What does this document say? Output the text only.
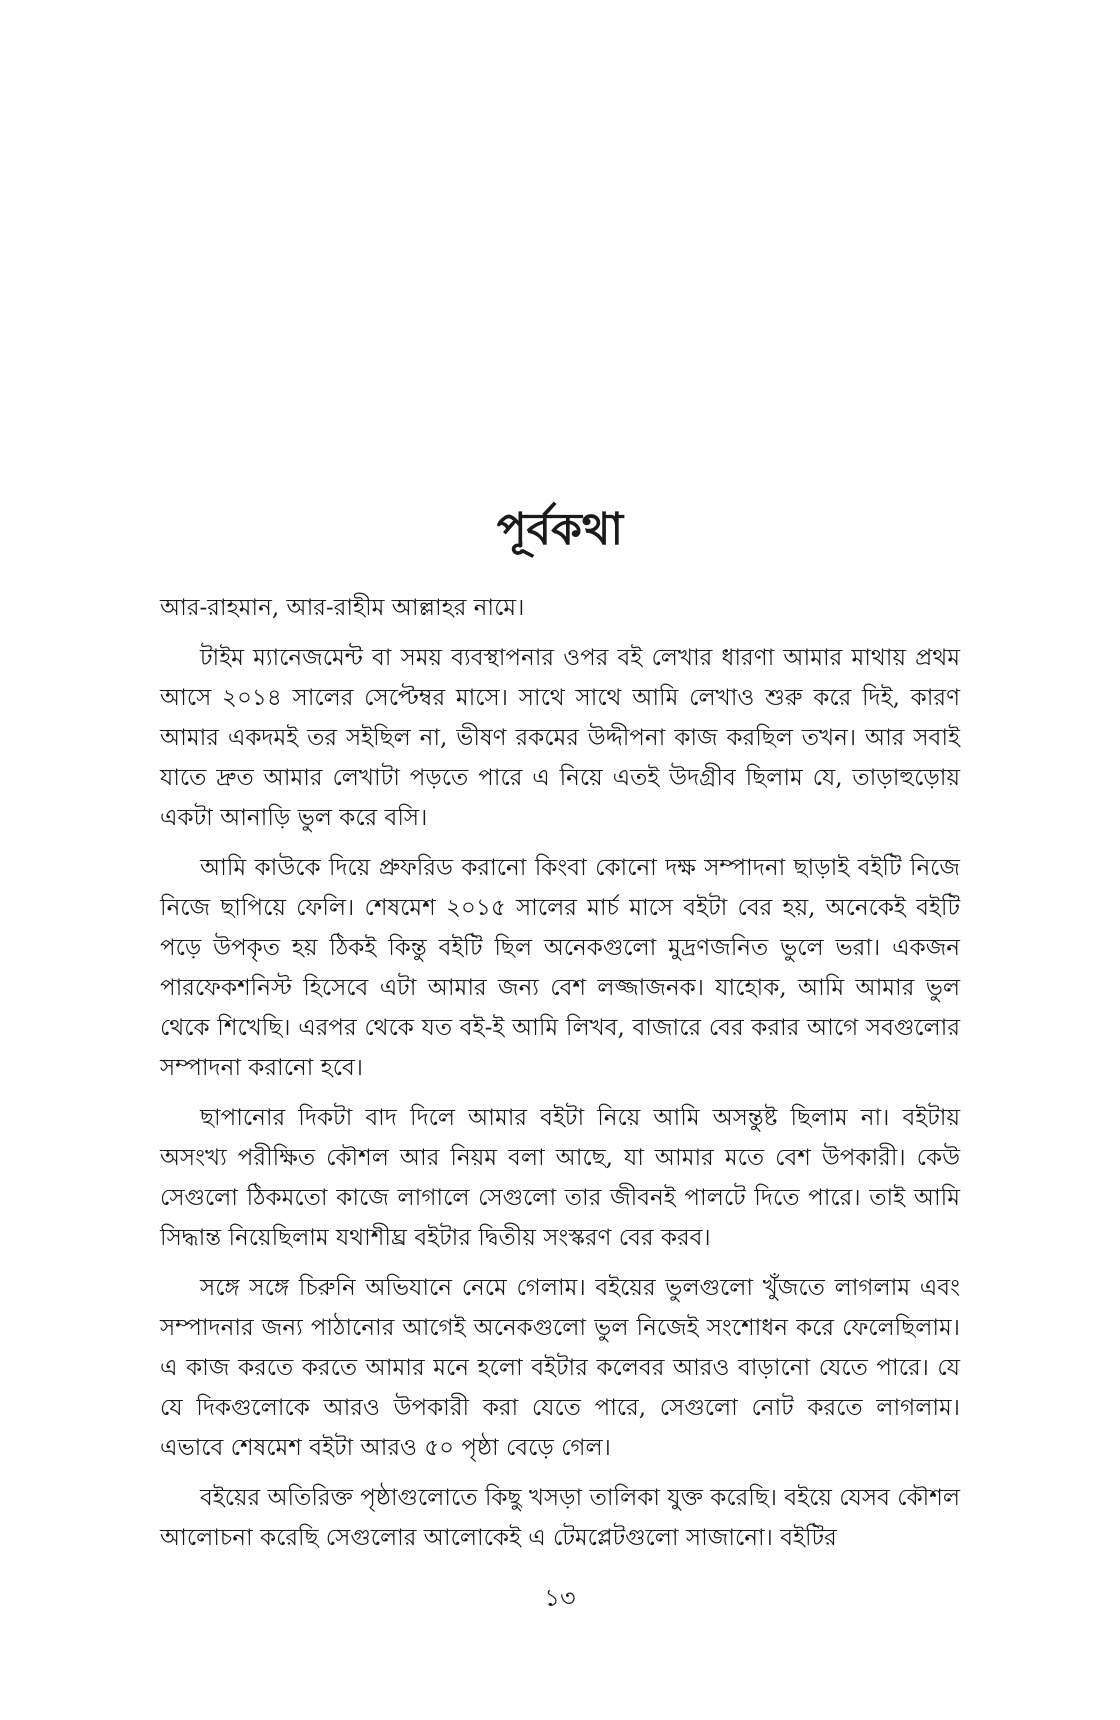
পূর্বকথা

আর-রাহমান, আর-রাহীম আল্লাহর নামে।

টাইম ম্যানেজমেন্ট বা সময় ব্যবস্থাপনার ওপর বই লেখার ধারণা আমার মাথায় প্রথম আসে ২০১৪ সালের সেপ্টেম্বর মাসে। সাথে সাথে আমি লেখাও শুরু করে দিই, কারণ আমার একদমই তর সইছিল না, ভীষণ রকমের উদ্দীপনা কাজ করছিল তখন। আর সবাই যাতে দ্রুত আমার লেখাটা পড়তে পারে এ নিয়ে এতই উদগ্রীব ছিলাম যে, তাড়াহুড়োয় একটা আনাড়ি ভুল করে বসি।

আমি কাউকে দিয়ে প্রুফরিড করানো কিংবা কোনো দক্ষ সম্পাদনা ছাড়াই বইটি নিজে নিজে ছাপিয়ে ফেলি। শেষমেশ ২০১৫ সালের মার্চ মাসে বইটা বের হয়, অনেকেই বইটি পড়ে উপকৃত হয় ঠিকই কিন্তু বইটি ছিল অনেকগুলো মুদ্রণজনিত ভুলে ভরা। একজন পারফেকশনিস্ট হিসেবে এটা আমার জন্য বেশ লজ্জাজনক। যাহোক, আমি আমার ভুল থেকে শিখেছি। এরপর থেকে যত বই-ই আমি লিখব, বাজারে বের করার আগে সবগুলোর সম্পাদনা করানো হবে।

ছাপানোর দিকটা বাদ দিলে আমার বইটা নিয়ে আমি অসন্তুষ্ট ছিলাম না। বইটায় অসংখ্য পরীক্ষিত কৌশল আর নিয়ম বলা আছে, যা আমার মতে বেশ উপকারী। কেউ সেগুলো ঠিকমতো কাজে লাগালে সেগুলো তার জীবনই পালটে দিতে পারে। তাই আমি সিদ্ধান্ত নিয়েছিলাম যথাশীঘ্র বইটার দ্বিতীয় সংস্করণ বের করব।

সঙ্গে সঙ্গে চিরুনি অভিযানে নেমে গেলাম। বইয়ের ভুলগুলো খুঁজতে লাগলাম এবং সম্পাদনার জন্য পাঠানোর আগেই অনেকগুলো ভুল নিজেই সংশোধন করে ফেলেছিলাম। এ কাজ করতে করতে আমার মনে হলো বইটার কলেবর আরও বাড়ানো যেতে পারে। যে যে দিকগুলোকে আরও উপকারী করা যেতে পারে, সেগুলো নোট করতে লাগলাম। এভাবে শেষমেশ বইটা আরও ৫০ পৃষ্ঠা বেড়ে গেল।

বইয়ের অতিরিক্ত পৃষ্ঠাগুলোতে কিছু খসড়া তালিকা যুক্ত করেছি। বইয়ে যেসব কৌশল আলোচনা করেছি সেগুলোর আলোকেই এ টেমপ্লেটগুলো সাজানো। বইটির

১৩
